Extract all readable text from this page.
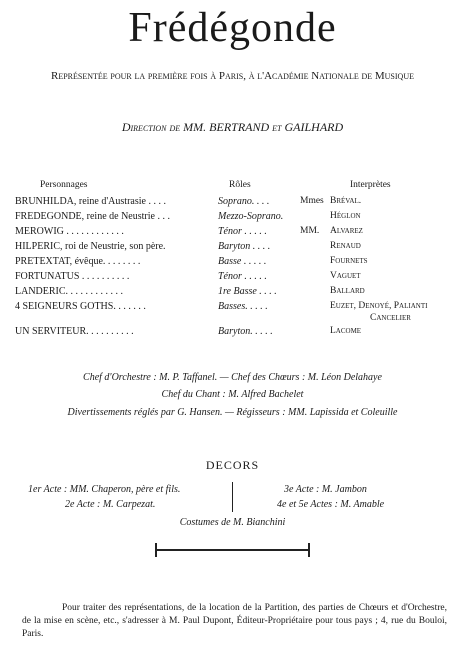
Frédégonde
Représentée pour la première fois à Paris, à l'Académie Nationale de Musique
Direction de MM. BERTRAND et GAILHARD
Personnages	Rôles	Interprètes
BRUNHILDA, reine d'Austrasie . . . .	Soprano. . . .	Mmes Bréval.
FREDEGONDE, reine de Neustrie . . .	Mezzo-Soprano.	Héglon
MEROWIG . . . . . . . . . . . .	Ténor . . . . .	MM. Alvarez
HILPERIC, roi de Neustrie, son père.	Baryton . . . .	Renaud
PRETEXTAT, évêque. . . . . . . .	Basse . . . . .	Fournets
FORTUNATUS . . . . . . . . . .	Ténor . . . . .	Vaguet
LANDERIC. . . . . . . . . . . .	1re Basse . . . .	Ballard
4 SEIGNEURS GOTHS. . . . . . .	Basses. . . . .	Euzet, Denoyé, Palianti
Cancelier
UN SERVITEUR. . . . . . . . . .	Baryton. . . . .	Lacome
Chef d'Orchestre : M. P. Taffanel. — Chef des Chœurs : M. Léon Delahaye
Chef du Chant : M. Alfred Bachelet
Divertissements réglés par G. Hansen. — Régisseurs : MM. Lapissida et Coleuille
DECORS
1er Acte : MM. Chaperon, père et fils.
2e Acte : M. Carpezat.
3e Acte : M. Jambon
4e et 5e Actes : M. Amable
Costumes de M. Bianchini
Pour traiter des représentations, de la location de la Partition, des parties de Chœurs et d'Orchestre, de la mise en scène, etc., s'adresser à M. Paul Dupont, Éditeur-Propriétaire pour tous pays ; 4, rue du Bouloi, Paris.
